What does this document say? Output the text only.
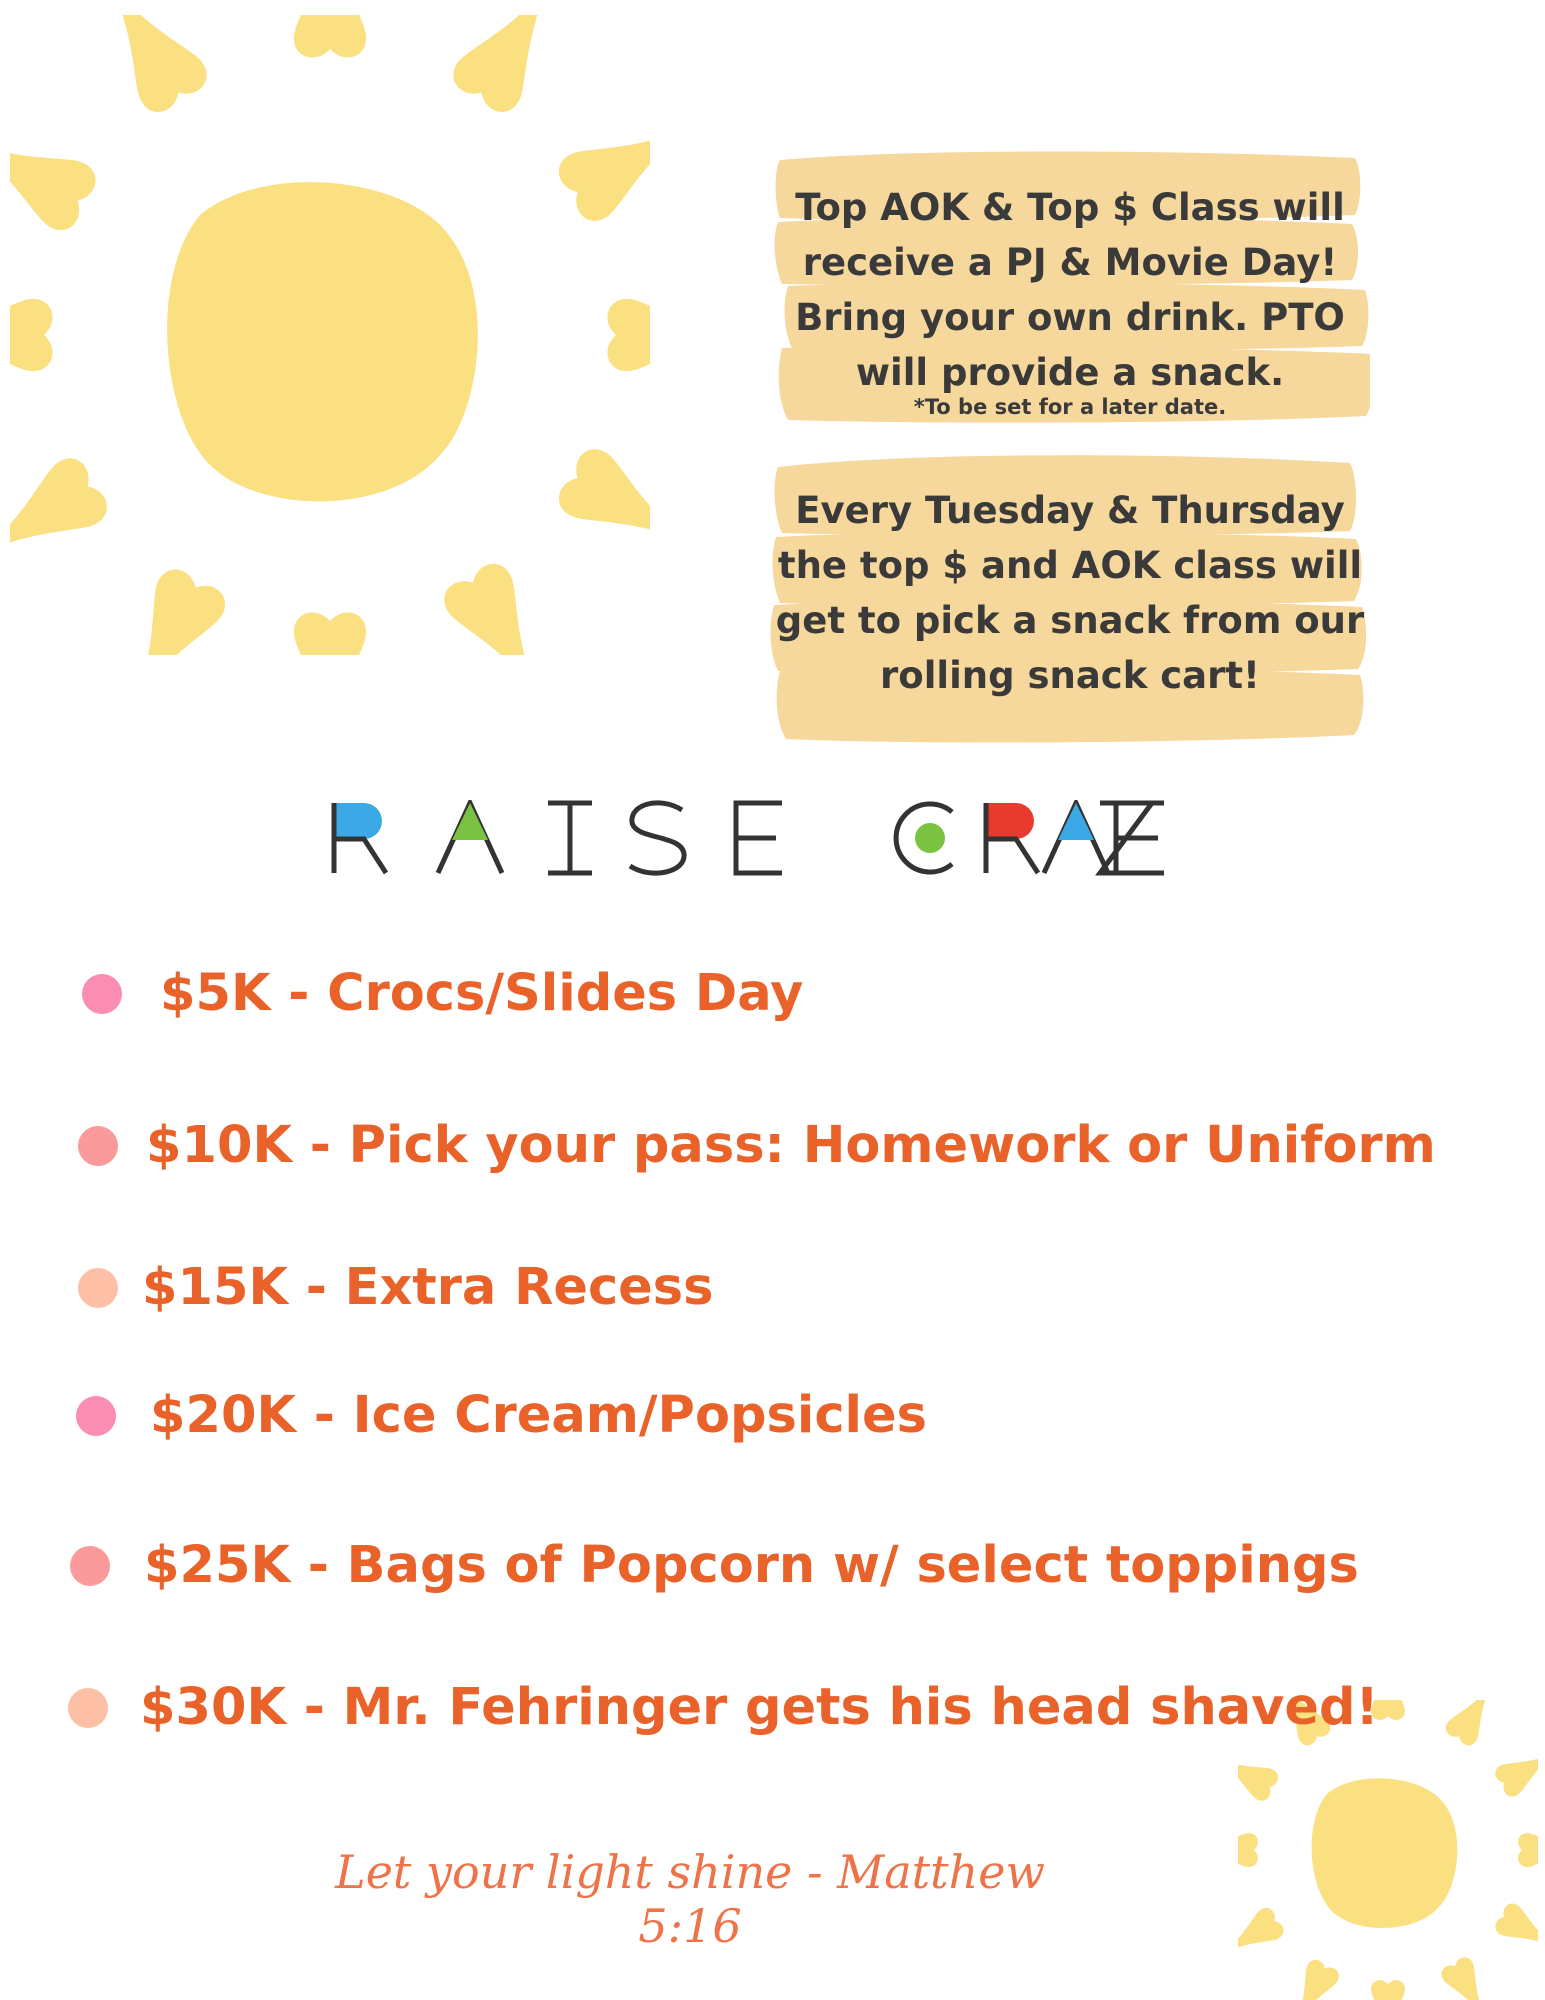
Top AOK & Top $ Class will
receive a PJ & Movie Day!
Bring your own drink. PTO
will provide a snack.
*To be set for a later date.
Every Tuesday & Thursday
the top $ and AOK class will
get to pick a snack from our
rolling snack cart!
$5K - Crocs/Slides Day
$10K - Pick your pass: Homework or Uniform
$15K - Extra Recess
$20K - Ice Cream/Popsicles
$25K - Bags of Popcorn w/ select toppings
$30K - Mr. Fehringer gets his head shaved!
Let your light shine - Matthew 5:16
